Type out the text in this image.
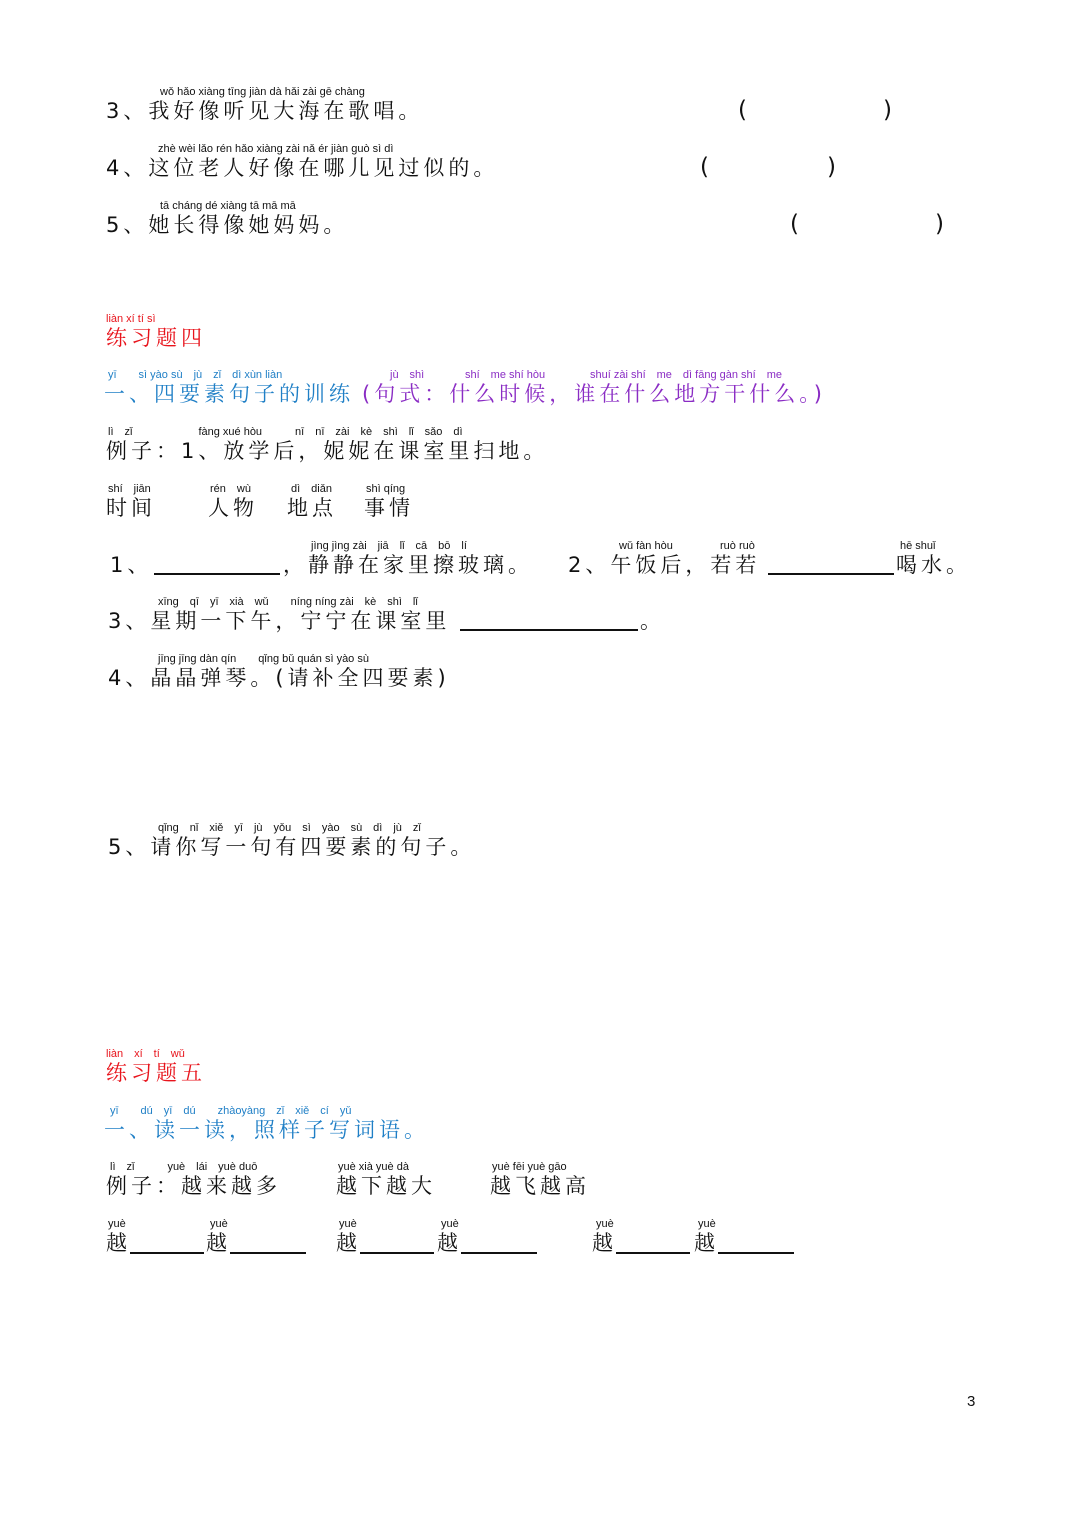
wǒ hǎo xiàng tīng jiàn dà hǎi zài gē chàng
3、我好像听见大海在歌唱。	(　　)
zhè wèi lǎo rén hǎo xiàng zài nǎ ér jiàn guò sì dì
4、这位老人好像在哪儿见过似的。	(　　)
tā cháng dé xiàng tā mā mā
5、她长得像她妈妈。	(　　)
liàn xí tí sì
练习题四
yī　　sì yào sù　jù　zǐ　dì xùn liàn	jù　shì	shí　me shí hòu	shuí zài shí　me　dì fāng gàn shí　me
一、四要素句子的训练 (句式：什么时候，谁在什么地方干什么。)
lì　zǐ　　　　　　fàng xué hòu　　　nī　nī　zài　kè　shì　lǐ　sǎo　dì
例子：1、放学后，妮妮在课室里扫地。
shí　jiān	rén　wù	dì　diǎn	shì qíng
时间 人物 地点 事情
jìng jìng zài　jiā　lǐ　cā　bō　lí
1、	，静静在家里擦玻璃。
wǔ fàn hòu	ruò ruò	hē shuǐ
2、午饭后，若若	喝水。
xīng　qī　yī　xià　wǔ　　níng níng zài　kè　shì　lǐ
3、星期一下午，宁宁在课室里	。
jīng jīng dàn qín　　qǐng bǔ quán sì yào sù
4、晶晶弹琴。(请补全四要素)
qǐng　nǐ　xiě　yī　jù　yǒu　sì　yào　sù　dì　jù　zǐ
5、请你写一句有四要素的句子。
liàn　xí　tí　wǔ
练习题五
yī　　dú　yī　dú　　zhàoyàng　zǐ　xiě　cí　yǔ
一、读一读，照样子写词语。
lì　zǐ　　　yuè　lái　yuè duō	yuè xià yuè dà	yuè fēi yuè gāo
例子：越来越多	越下越大	越飞越高
yuè	yuè	yuè	yuè	yuè	yuè
越	越	越	越	越	越
3
